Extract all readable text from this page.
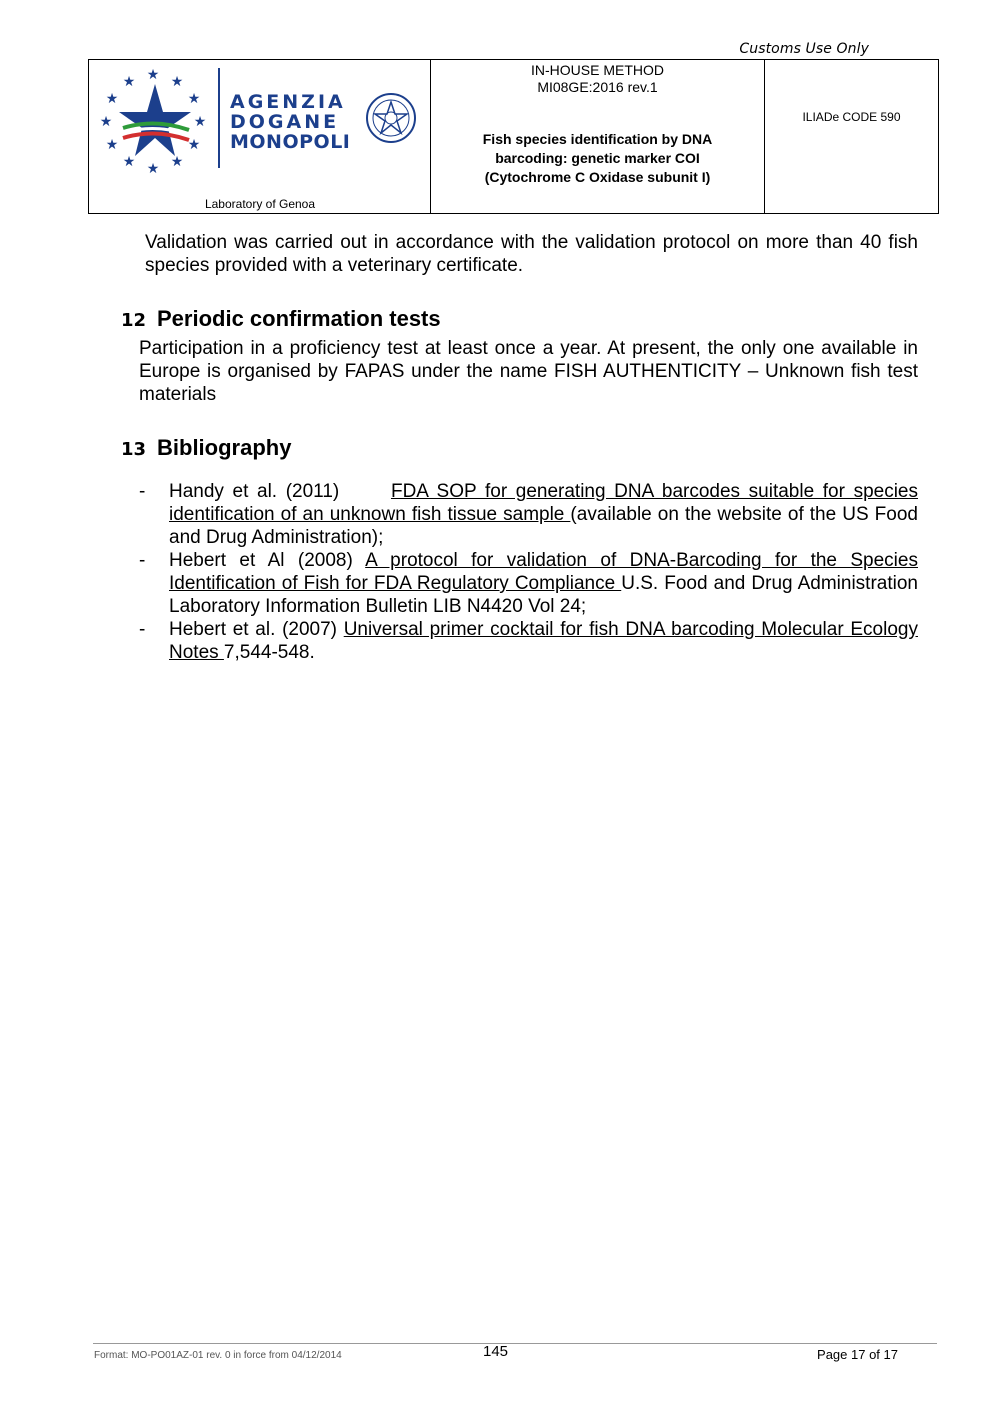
Customs Use Only
★ ★
★
★
★
★
★
★
★
★
★
★
AGENZIA
DOGANE
MONOPOLI
Laboratory of Genoa
IN-HOUSE METHOD
MI08GE:2016 rev.1
Fish species identification by DNA
barcoding: genetic marker COI
(Cytochrome C Oxidase subunit I)
ILIADe CODE 590
Validation was carried out in accordance with the validation protocol on more than 40 fish species provided with a veterinary certificate.
12 Periodic confirmation tests
Participation in a proficiency test at least once a year. At present, the only one available in Europe is organised by FAPAS under the name FISH AUTHENTICITY – Unknown fish test materials
13 Bibliography
- Handy et al. (2011)      FDA SOP for generating DNA barcodes suitable for species identification of an unknown fish tissue sample (available on the website of the US Food and Drug Administration);
- Hebert et Al (2008) A protocol for validation of DNA-Barcoding for the Species Identification of Fish for FDA Regulatory Compliance U.S. Food and Drug Administration Laboratory Information Bulletin LIB N4420 Vol 24;
- Hebert et al. (2007) Universal primer cocktail for fish DNA barcoding Molecular Ecology Notes 7,544-548.
Format: MO-PO01AZ-01 rev. 0 in force from 04/12/2014	145	Page 17 of 17
